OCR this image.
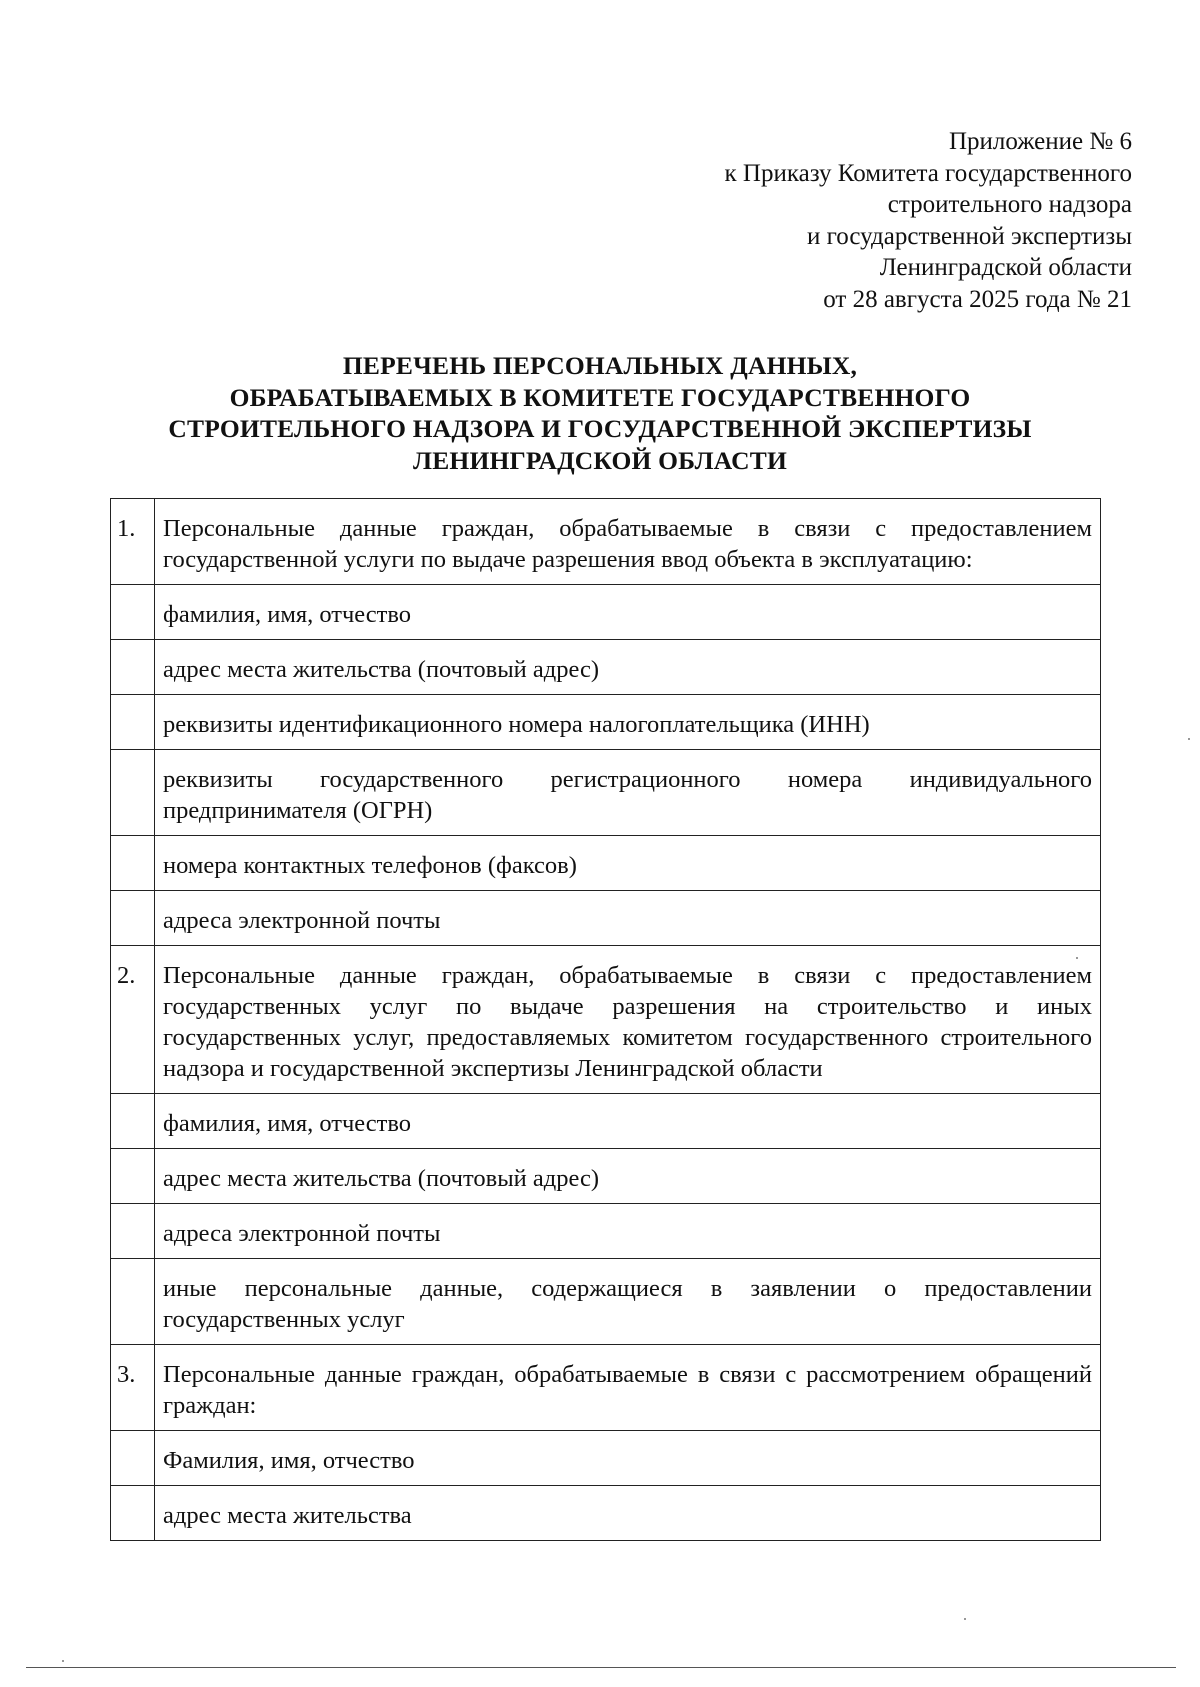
Приложение № 6
к Приказу Комитета государственного
строительного надзора
и государственной экспертизы
Ленинградской области
от 28 августа 2025 года № 21
ПЕРЕЧЕНЬ ПЕРСОНАЛЬНЫХ ДАННЫХ,
ОБРАБАТЫВАЕМЫХ В КОМИТЕТЕ ГОСУДАРСТВЕННОГО
СТРОИТЕЛЬНОГО НАДЗОРА И ГОСУДАРСТВЕННОЙ ЭКСПЕРТИЗЫ
ЛЕНИНГРАДСКОЙ ОБЛАСТИ
1.	Персональные данные граждан, обрабатываемые в связи с предоставлением государственной услуги по выдаче разрешения ввод объекта в эксплуатацию:
	фамилия, имя, отчество
	адрес места жительства (почтовый адрес)
	реквизиты идентификационного номера налогоплательщика (ИНН)
	реквизиты государственного регистрационного номера индивидуального предпринимателя (ОГРН)
	номера контактных телефонов (факсов)
	адреса электронной почты
2.	Персональные данные граждан, обрабатываемые в связи с предоставлением государственных услуг по выдаче разрешения на строительство и иных государственных услуг, предоставляемых комитетом государственного строительного надзора и государственной экспертизы Ленинградской области
	фамилия, имя, отчество
	адрес места жительства (почтовый адрес)
	адреса электронной почты
	иные персональные данные, содержащиеся в заявлении о предоставлении государственных услуг
3.	Персональные данные граждан, обрабатываемые в связи с рассмотрением обращений граждан:
	Фамилия, имя, отчество
	адрес места жительства
